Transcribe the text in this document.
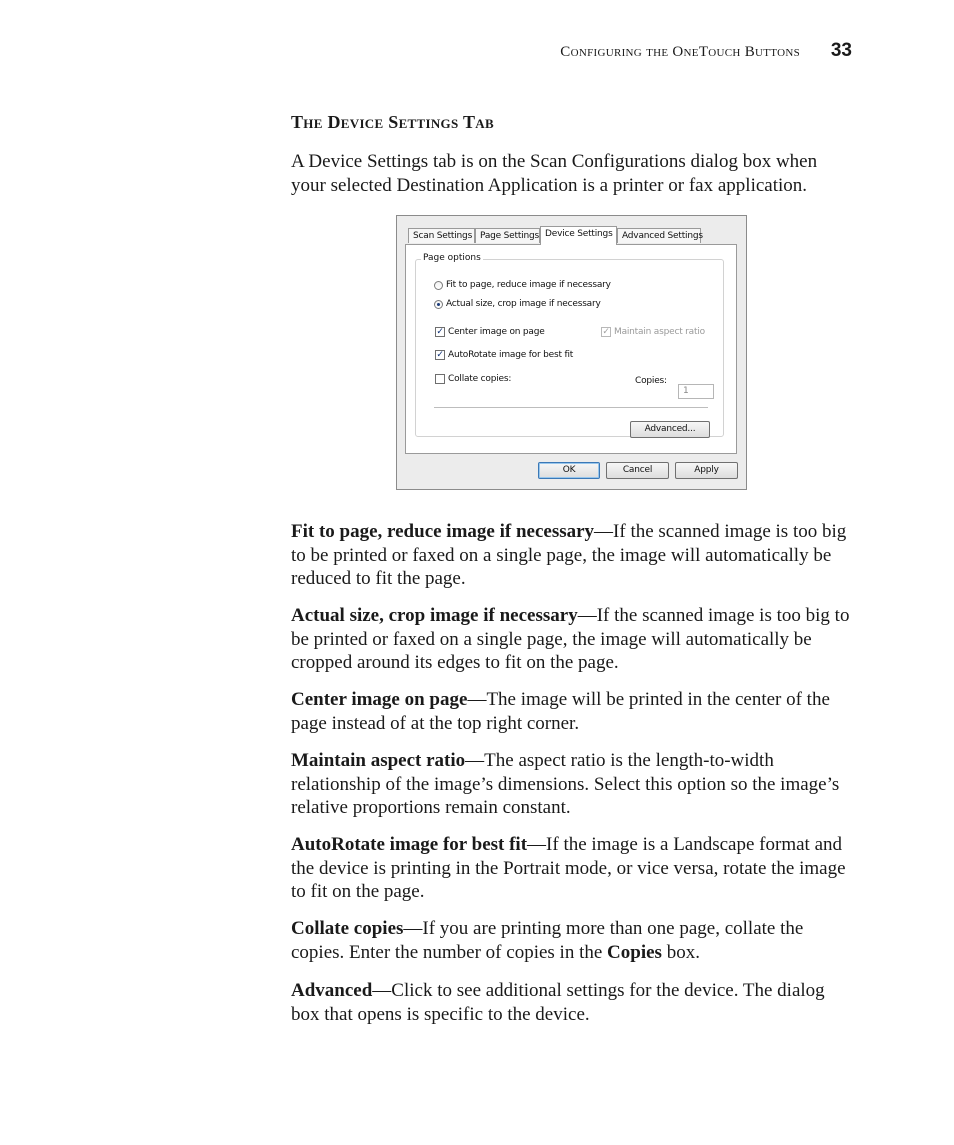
Configuring the OneTouch Buttons 33
The Device Settings Tab

A Device Settings tab is on the Scan Configurations dialog box when your selected Destination Application is a printer or fax application.

Scan Settings Page Settings Device Settings	Advanced Settings
Page options
Fit to page, reduce image if necessary
Actual size, crop image if necessary
✓ Center image on page	✓ Maintain aspect ratio
✓ AutoRotate image for best fit
Collate copies:	Copies:
1
Advanced...
OK	Cancel	Apply

Fit to page, reduce image if necessary—If the scanned image is too big to be printed or faxed on a single page, the image will automatically be reduced to fit the page.

Actual size, crop image if necessary—If the scanned image is too big to be printed or faxed on a single page, the image will automatically be cropped around its edges to fit on the page.

Center image on page—The image will be printed in the center of the page instead of at the top right corner.

Maintain aspect ratio—The aspect ratio is the length-to-width relationship of the image’s dimensions. Select this option so the image’s relative proportions remain constant.

AutoRotate image for best fit—If the image is a Landscape format and the device is printing in the Portrait mode, or vice versa, rotate the image to fit on the page.

Collate copies—If you are printing more than one page, collate the copies. Enter the number of copies in the Copies box.

Advanced—Click to see additional settings for the device. The dialog box that opens is specific to the device.
